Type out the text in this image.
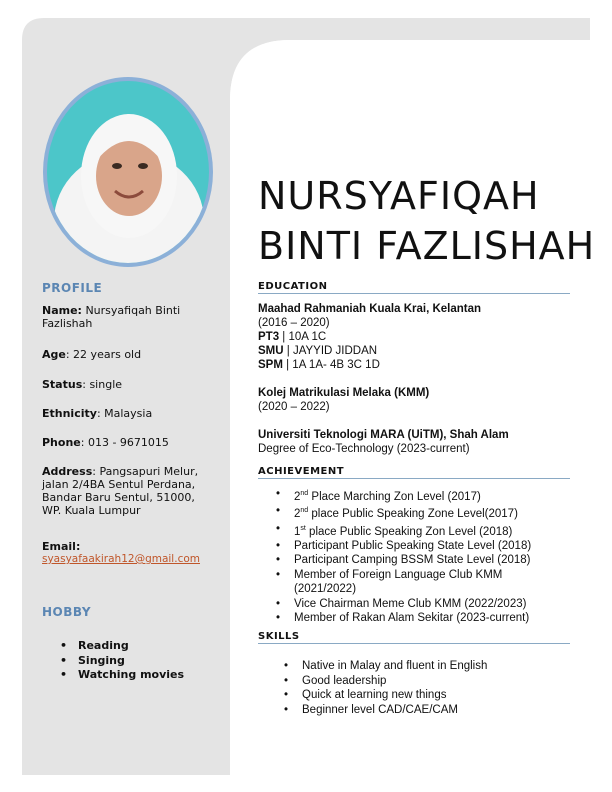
PROFILE
Name: Nursyafiqah Binti Fazlishah
Age: 22 years old
Status: single
Ethnicity: Malaysia
Phone: 013 - 9671015
Address: Pangsapuri Melur, jalan 2/4BA Sentul Perdana, Bandar Baru Sentul, 51000, WP. Kuala Lumpur
Email:
syasyafaakirah12@gmail.com
HOBBY
• Reading
• Singing
• Watching movies
NURSYAFIQAH
BINTI FAZLISHAH
EDUCATION
Maahad Rahmaniah Kuala Krai, Kelantan
(2016 – 2020)
PT3 | 10A 1C
SMU | JAYYID JIDDAN
SPM | 1A 1A- 4B 3C 1D
Kolej Matrikulasi Melaka (KMM)
(2020 – 2022)
Universiti Teknologi MARA (UiTM), Shah Alam
Degree of Eco-Technology (2023-current)
ACHIEVEMENT
• 2nd Place Marching Zon Level (2017)
• 2nd place Public Speaking Zone Level(2017)
• 1st place Public Speaking Zon Level (2018)
• Participant Public Speaking State Level (2018)
• Participant Camping BSSM State Level (2018)
• Member of Foreign Language Club KMM (2021/2022)
• Vice Chairman Meme Club KMM (2022/2023)
• Member of Rakan Alam Sekitar (2023-current)
SKILLS
• Native in Malay and fluent in English
• Good leadership
• Quick at learning new things
• Beginner level CAD/CAE/CAM
